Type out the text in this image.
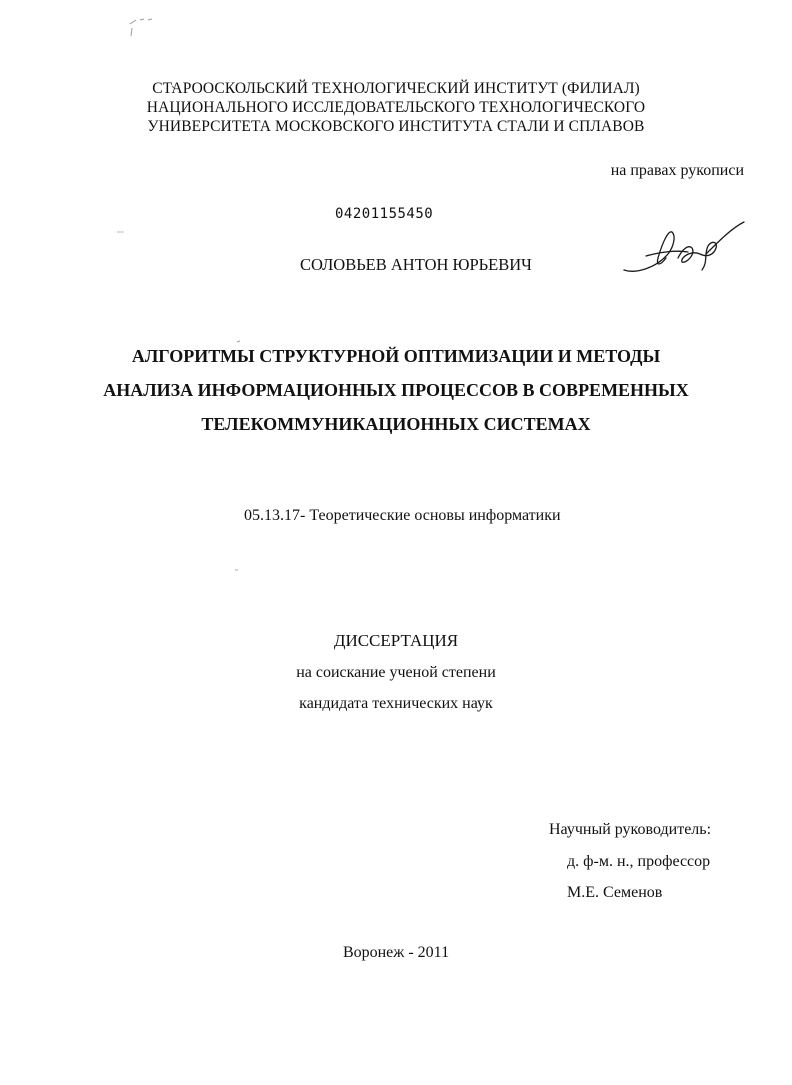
СТАРООСКОЛЬСКИЙ ТЕХНОЛОГИЧЕСКИЙ ИНСТИТУТ (ФИЛИАЛ)
НАЦИОНАЛЬНОГО ИССЛЕДОВАТЕЛЬСКОГО ТЕХНОЛОГИЧЕСКОГО
УНИВЕРСИТЕТА МОСКОВСКОГО ИНСТИТУТА СТАЛИ И СПЛАВОВ
на правах рукописи
04201155450
СОЛОВЬЕВ АНТОН ЮРЬЕВИЧ
АЛГОРИТМЫ СТРУКТУРНОЙ ОПТИМИЗАЦИИ И МЕТОДЫ
АНАЛИЗА ИНФОРМАЦИОННЫХ ПРОЦЕССОВ В СОВРЕМЕННЫХ
ТЕЛЕКОММУНИКАЦИОННЫХ СИСТЕМАХ
05.13.17- Теоретические основы информатики
ДИССЕРТАЦИЯ
на соискание ученой степени
кандидата технических наук
Научный руководитель:
д. ф-м. н., профессор
М.Е. Семенов
Воронеж - 2011
